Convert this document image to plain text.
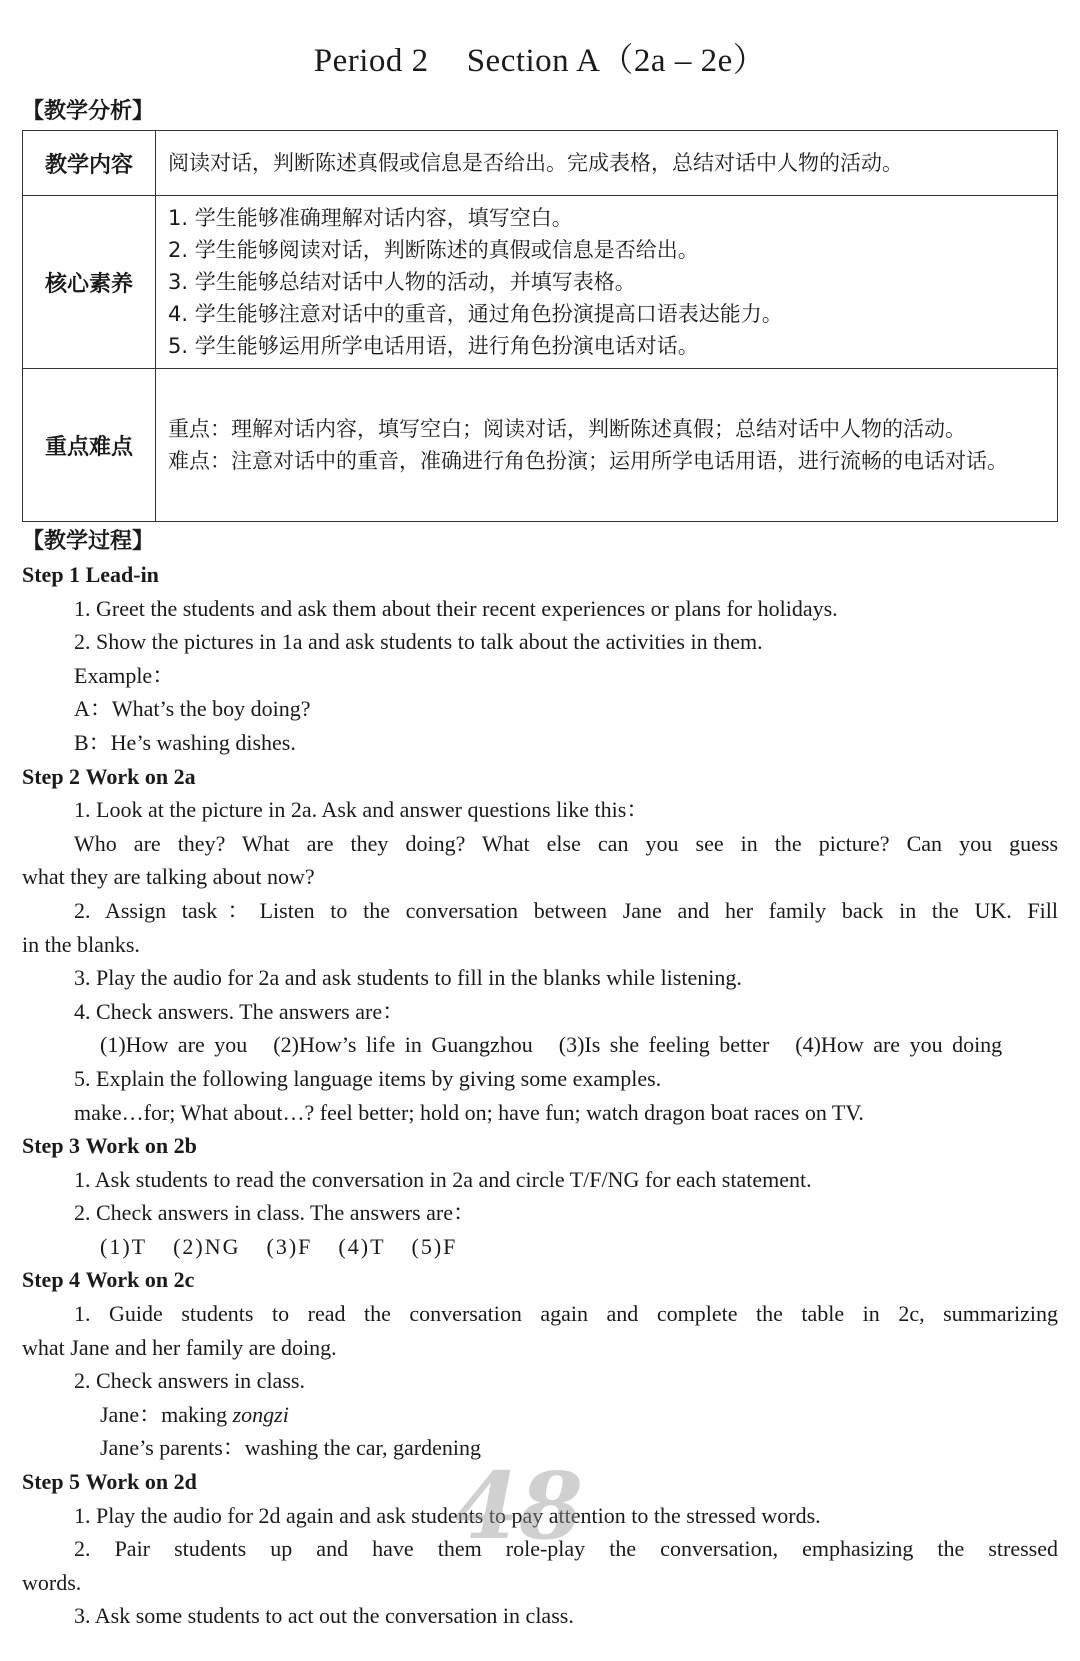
Period 2 Section A（2a – 2e）
【教学分析】
教学内容	阅读对话，判断陈述真假或信息是否给出。完成表格，总结对话中人物的活动。

核心素养	1. 学生能够准确理解对话内容，填写空白。
2. 学生能够阅读对话，判断陈述的真假或信息是否给出。
3. 学生能够总结对话中人物的活动，并填写表格。
4. 学生能够注意对话中的重音，通过角色扮演提高口语表达能力。
5. 学生能够运用所学电话用语，进行角色扮演电话对话。

重点难点	重点： 理解对话内容，填写空白；阅读对话，判断陈述真假；总结对话中人物的活动。
难点： 注意对话中的重音，准确进行角色扮演；运用所学电话用语，进行流畅的电话对话。
【教学过程】
Step 1 Lead-in
1. Greet the students and ask them about their recent experiences or plans for holidays.
2. Show the pictures in 1a and ask students to talk about the activities in them.
Example：
A：What’s the boy doing?
B：He’s washing dishes.
Step 2 Work on 2a
1. Look at the picture in 2a. Ask and answer questions like this：
Who are they? What are they doing? What else can you see in the picture? Can you guess
what they are talking about now?
2. Assign task：Listen to the conversation between Jane and her family back in the UK. Fill
in the blanks.
3. Play the audio for 2a and ask students to fill in the blanks while listening.
4. Check answers. The answers are：
(1)How are you (2)How’s life in Guangzhou (3)Is she feeling better (4)How are you doing
5. Explain the following language items by giving some examples.
make…for; What about…? feel better; hold on; have fun; watch dragon boat races on TV.
Step 3 Work on 2b
1. Ask students to read the conversation in 2a and circle T/F/NG for each statement.
2. Check answers in class. The answers are：
(1)T (2)NG (3)F (4)T (5)F
Step 4 Work on 2c
1. Guide students to read the conversation again and complete the table in 2c, summarizing
what Jane and her family are doing.
2. Check answers in class.
Jane：making zongzi
Jane’s parents：washing the car, gardening
Step 5 Work on 2d
1. Play the audio for 2d again and ask students to pay attention to the stressed words.
2. Pair students up and have them role-play the conversation, emphasizing the stressed
words.
3. Ask some students to act out the conversation in class.
48
